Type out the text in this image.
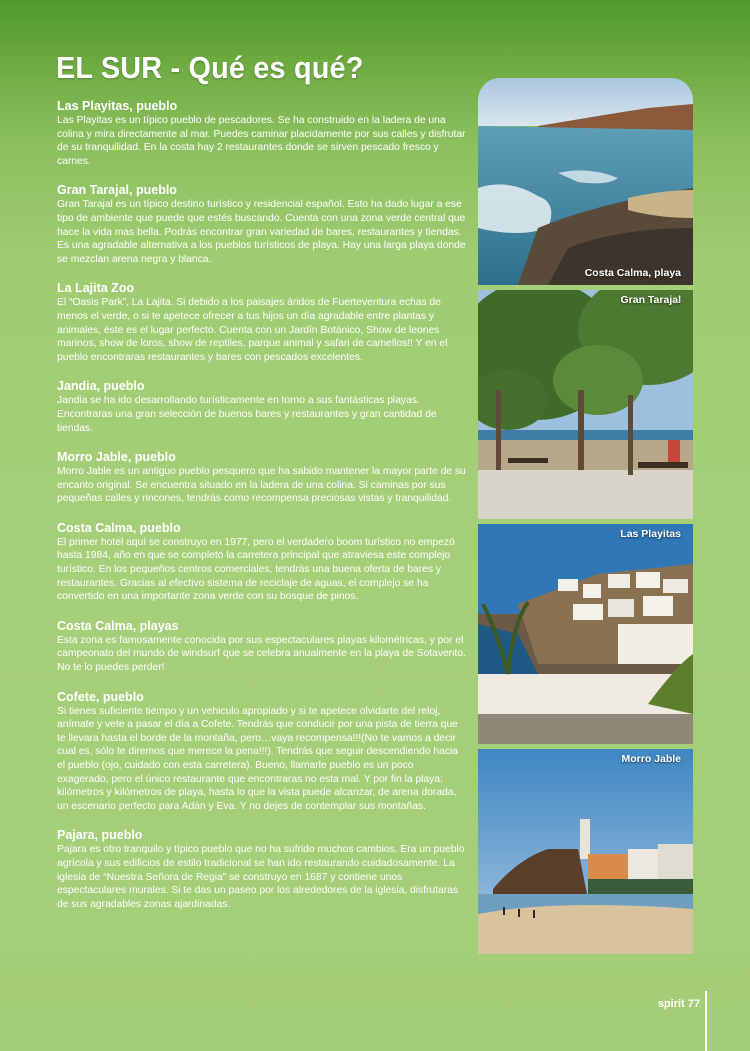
EL SUR - Qué es qué?
Las Playitas, pueblo

Las Playitas es un típico pueblo de pescadores. Se ha construido en la ladera de una colina y mira directamente al mar. Puedes caminar placidamente por sus calles y disfrutar de su tranquilidad. En la costa hay 2 restaurantes donde se sirven pescado fresco y carnes.

Gran Tarajal, pueblo

Gran Tarajal es un típico destino turístico y residencial español. Esto ha dado lugar a ese tipo de ambiente que puede que estés buscando. Cuenta con una zona verde central que hace la vida mas bella. Podrás encontrar gran variedad de bares, restaurantes y tiendas. Es una agradable alternativa a los pueblos turísticos de playa. Hay una larga playa donde se mezclan arena negra y blanca.

La Lajita Zoo

El “Oasis Park”, La Lajita. Si debido a los paisajes áridos de Fuerteventura echas de menos el verde, o si te apetece ofrecer a tus hijos un día agradable entre plantas y animales, éste es el lugar perfecto. Cuenta con un Jardín Botánico, Show de leones marinos, show de loros, show de reptiles, parque animal y safari de camellos!! Y en el pueblo encontraras restaurantes y bares con pescados excelentes.

Jandia, pueblo

Jandia se ha ido desarrollando turísticamente en torno a sus fantásticas playas. Encontraras una gran selección de buenos bares y restaurantes y gran cantidad de tiendas.

Morro Jable, pueblo

Morro Jable es un antiguo pueblo pesquero que ha sabido mantener la mayor parte de su encanto original. Se encuentra situado en la ladera de una colina. Si caminas por sus pequeñas calles y rincones, tendrás como recompensa preciosas vistas y tranquilidad.

Costa Calma, pueblo

El primer hotel aquí se construyo en 1977, pero el verdadero boom turístico no empezó hasta 1984, año en que se completo la carretera principal que atraviesa este complejo turístico. En los pequeños centros comerciales, tendrás una buena oferta de bares y restaurantes. Gracias al efectivo sistema de reciclaje de aguas, el complejo se ha convertido en una importante zona verde con su bosque de pinos.

Costa Calma, playas

Esta zona es famosamente conocida por sus espectaculares playas kilométricas, y por el campeonato del mundo de windsurf que se celebra anualmente en la playa de Sotavento. No te lo puedes perder!

Cofete, pueblo

Si tienes suficiente tiempo y un vehiculo apropiado y si te apetece olvidarte del reloj, anímate y vete a pasar el día a Cofete. Tendrás que conducir por una pista de tierra que te llevara hasta el borde de la montaña, pero…vaya recompensa!!!(No te vamos a decir cual es, sólo te diremos que merece la pena!!!). Tendrás que seguir descendiendo hacia el pueblo (ojo, cuidado con esta carretera). Bueno, llamarle pueblo es un poco exagerado, pero el único restaurante que encontraras no esta mal. Y por fin la playa: kilómetros y kilómetros de playa, hasta lo que la vista puede alcanzar, de arena dorada, un escenario perfecto para Adán y Eva. Y no dejes de contemplar sus montañas.

Pajara, pueblo

Pajara es otro tranquilo y típico pueblo que no ha sufrido muchos cambios. Era un pueblo agrícola y sus edificios de estilo tradicional se han ido restaurando cuidadosamente. La iglesia de “Nuestra Señora de Regia” se construyo en 1687 y contiene unos espectaculares murales. Si te das un paseo por los alrededores de la iglesia, disfrutaras de sus agradables zonas ajardinadas.

Costa Calma, playa
Gran Tarajal
Las Playitas
Morro Jable
spirit 77
